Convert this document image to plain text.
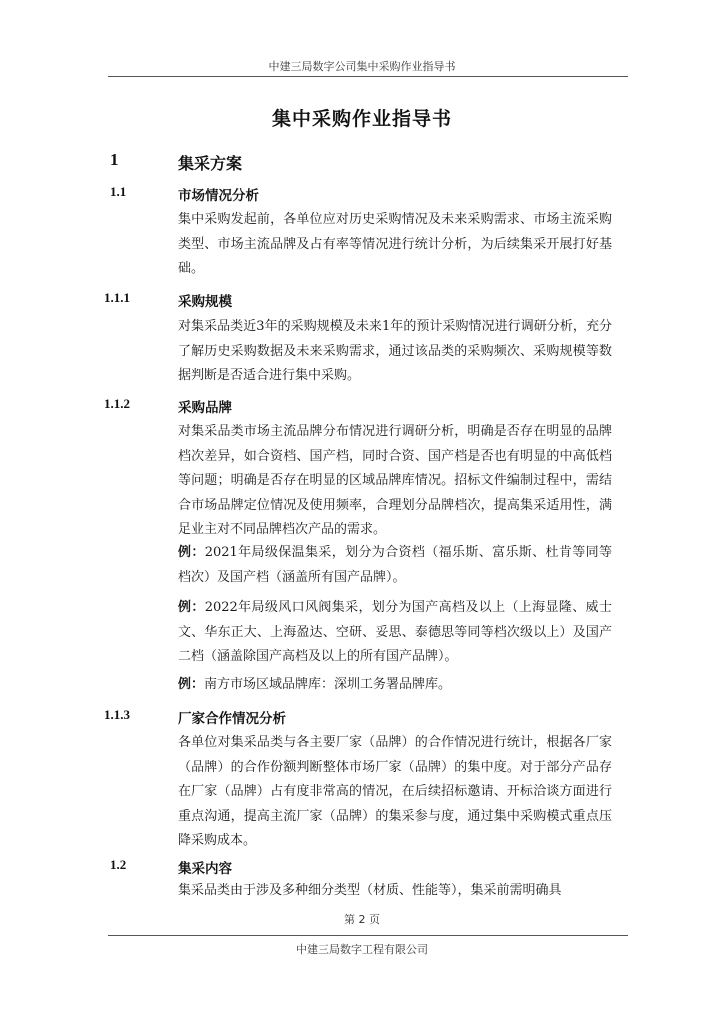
中建三局数字公司集中采购作业指导书
集中采购作业指导书
1	集采方案
1.1	市场情况分析

集中采购发起前，各单位应对历史采购情况及未来采购需求、市场主流采购类型、市场主流品牌及占有率等情况进行统计分析，为后续集采开展打好基础。

1.1.1	采购规模

对集采品类近3年的采购规模及未来1年的预计采购情况进行调研分析，充分了解历史采购数据及未来采购需求，通过该品类的采购频次、采购规模等数据判断是否适合进行集中采购。

1.1.2	采购品牌

对集采品类市场主流品牌分布情况进行调研分析，明确是否存在明显的品牌档次差异，如合资档、国产档，同时合资、国产档是否也有明显的中高低档等问题；明确是否存在明显的区域品牌库情况。招标文件编制过程中，需结合市场品牌定位情况及使用频率，合理划分品牌档次，提高集采适用性，满足业主对不同品牌档次产品的需求。

例：2021年局级保温集采，划分为合资档（福乐斯、富乐斯、杜肯等同等档次）及国产档（涵盖所有国产品牌）。

例：2022年局级风口风阀集采，划分为国产高档及以上（上海显隆、威士文、华东正大、上海盈达、空研、妥思、泰德思等同等档次级以上）及国产二档（涵盖除国产高档及以上的所有国产品牌）。

例：南方市场区域品牌库：深圳工务署品牌库。

1.1.3	厂家合作情况分析

各单位对集采品类与各主要厂家（品牌）的合作情况进行统计，根据各厂家（品牌）的合作份额判断整体市场厂家（品牌）的集中度。对于部分产品存在厂家（品牌）占有度非常高的情况，在后续招标邀请、开标洽谈方面进行重点沟通，提高主流厂家（品牌）的集采参与度，通过集中采购模式重点压降采购成本。

1.2	集采内容

集采品类由于涉及多种细分类型（材质、性能等），集采前需明确具

第 2 页
中建三局数字工程有限公司
